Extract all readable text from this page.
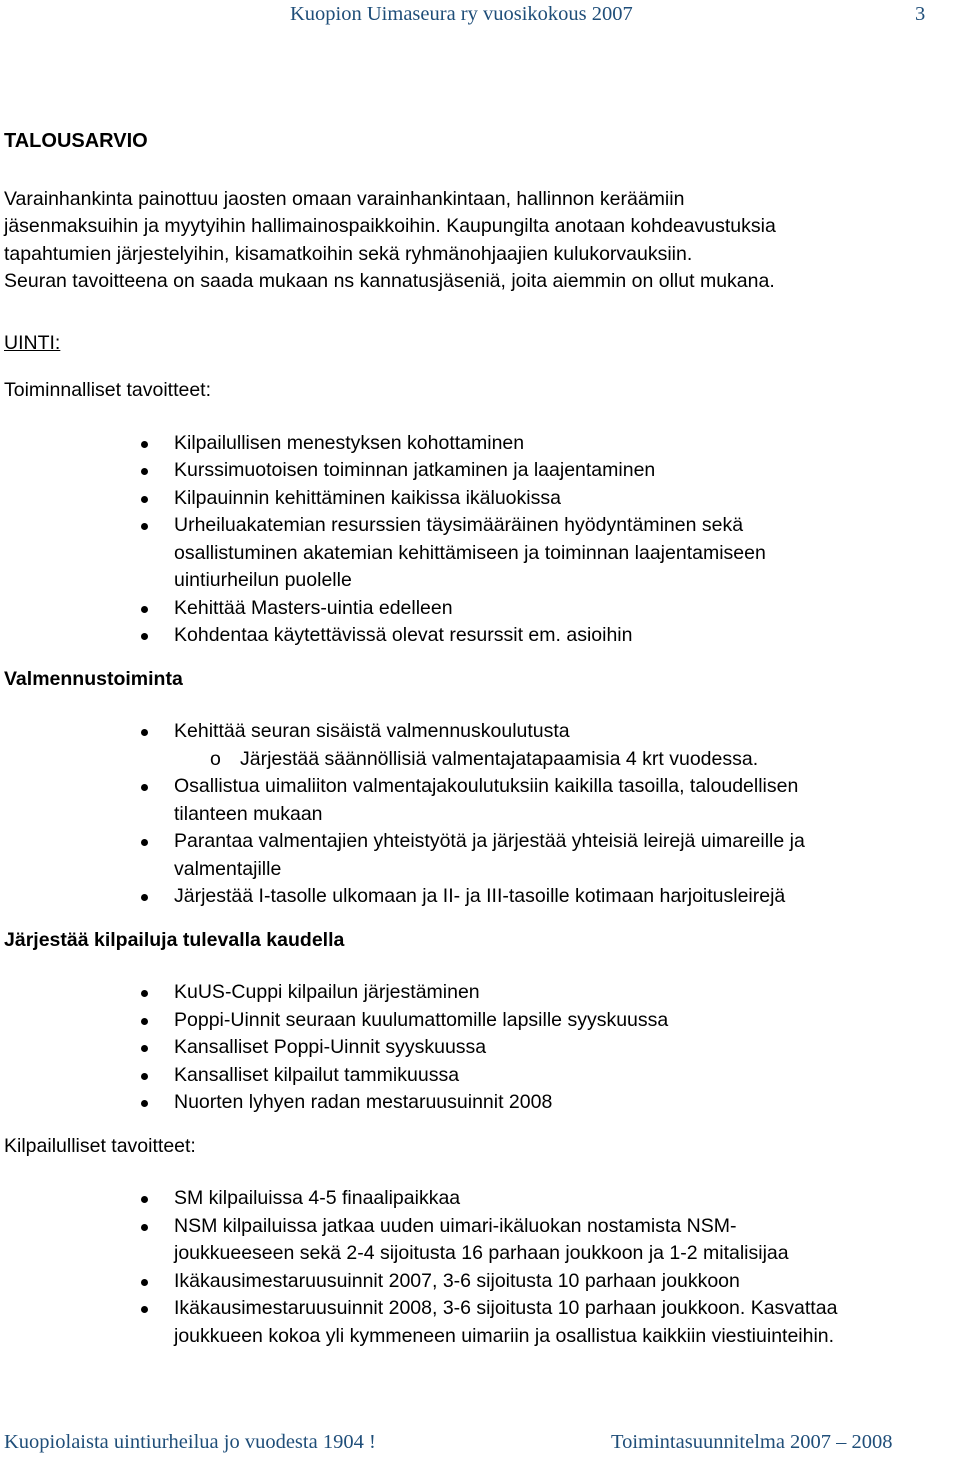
Kuopion Uimaseura ry vuosikokous 2007	3

TALOUSARVIO

Varainhankinta painottuu jaosten omaan varainhankintaan, hallinnon keräämiin

jäsenmaksuihin ja myytyihin hallimainospaikkoihin. Kaupungilta anotaan kohdeavustuksia

tapahtumien järjestelyihin, kisamatkoihin sekä ryhmänohjaajien kulukorvauksiin.

Seuran tavoitteena on saada mukaan ns kannatusjäseniä, joita aiemmin on ollut mukana.

UINTI:

Toiminnalliset tavoitteet:

Kilpailullisen menestyksen kohottaminen
Kurssimuotoisen toiminnan jatkaminen ja laajentaminen
Kilpauinnin kehittäminen kaikissa ikäluokissa
Urheiluakatemian resurssien täysimääräinen hyödyntäminen sekä
osallistuminen akatemian kehittämiseen ja toiminnan laajentamiseen
uintiurheilun puolelle
Kehittää Masters-uintia edelleen
Kohdentaa käytettävissä olevat resurssit em. asioihin

Valmennustoiminta

Kehittää seuran sisäistä valmennuskoulutusta
o Järjestää säännöllisiä valmentajatapaamisia 4 krt vuodessa.
Osallistua uimaliiton valmentajakoulutuksiin kaikilla tasoilla, taloudellisen
tilanteen mukaan
Parantaa valmentajien yhteistyötä ja järjestää yhteisiä leirejä uimareille ja
valmentajille
Järjestää I-tasolle ulkomaan ja II- ja III-tasoille kotimaan harjoitusleirejä

Järjestää kilpailuja tulevalla kaudella

KuUS-Cuppi kilpailun järjestäminen
Poppi-Uinnit seuraan kuulumattomille lapsille syyskuussa
Kansalliset Poppi-Uinnit syyskuussa
Kansalliset kilpailut tammikuussa
Nuorten lyhyen radan mestaruusuinnit 2008

Kilpailulliset tavoitteet:

SM kilpailuissa 4-5 finaalipaikkaa
NSM kilpailuissa jatkaa uuden uimari-ikäluokan nostamista NSM-
joukkueeseen sekä 2-4 sijoitusta 16 parhaan joukkoon ja 1-2 mitalisijaa
Ikäkausimestaruusuinnit 2007, 3-6 sijoitusta 10 parhaan joukkoon
Ikäkausimestaruusuinnit 2008, 3-6 sijoitusta 10 parhaan joukkoon. Kasvattaa
joukkueen kokoa yli kymmeneen uimariin ja osallistua kaikkiin viestiuinteihin.
Kuopiolaista uintiurheilua jo vuodesta 1904 !	Toimintasuunnitelma 2007 – 2008
